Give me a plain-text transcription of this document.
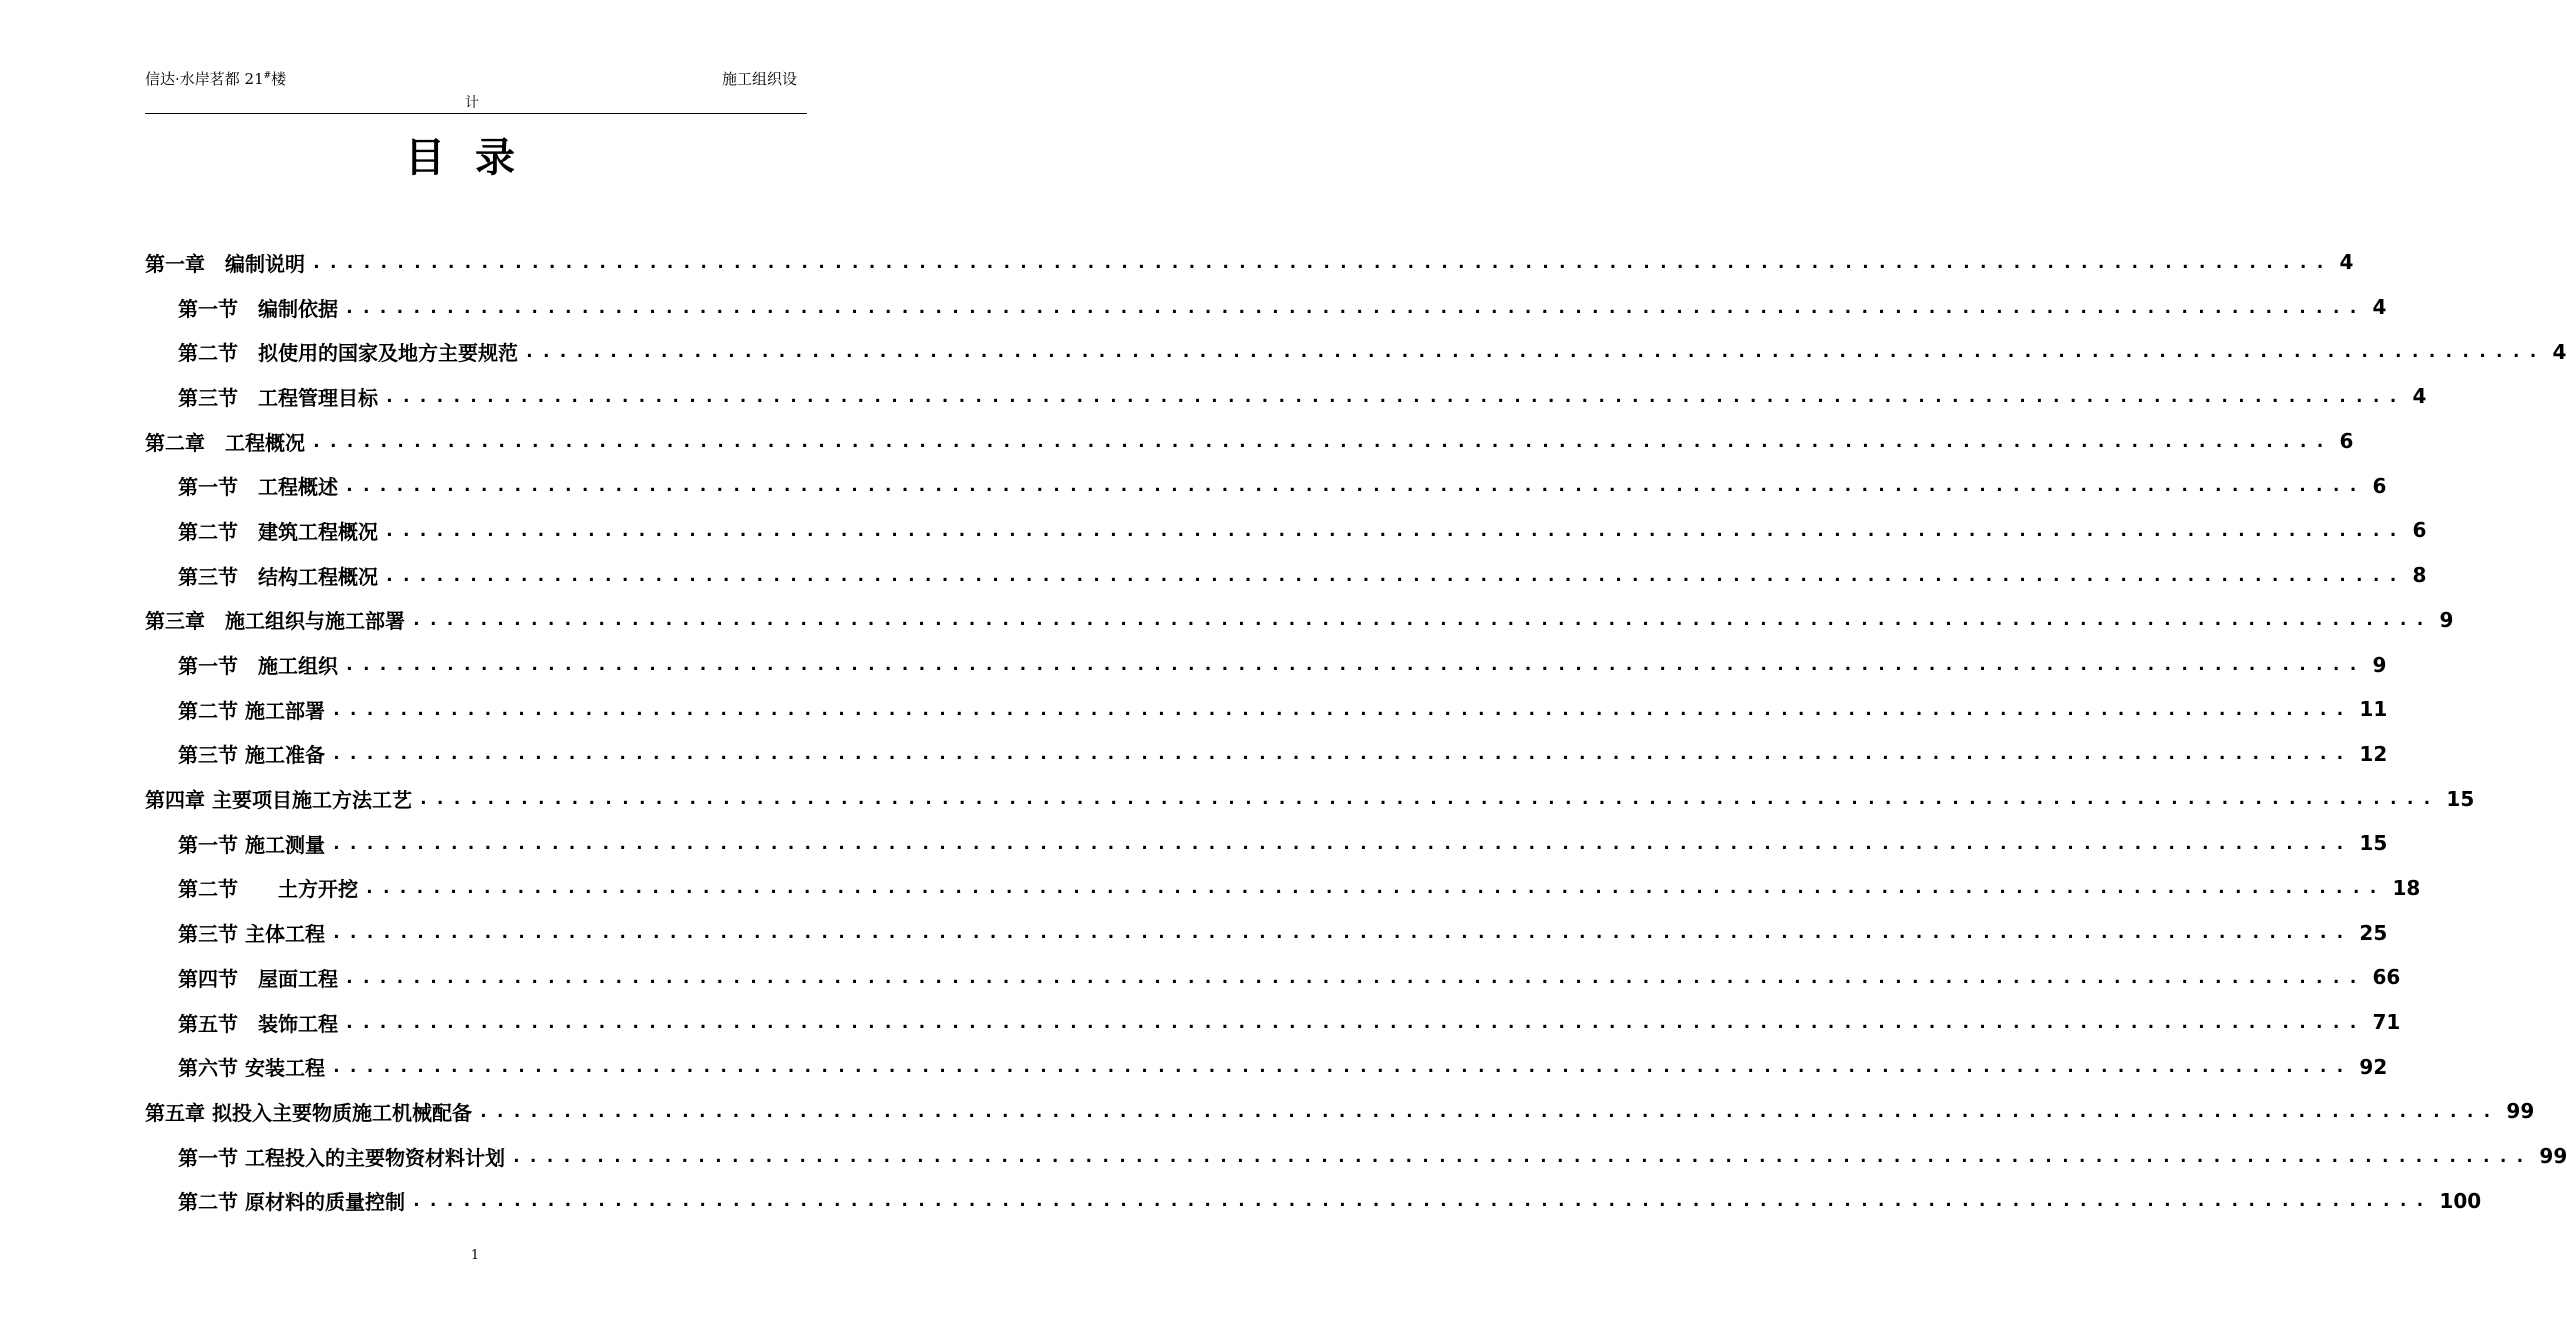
信达·水岸茗都 21#楼	施工组织设
计
目录
第一章　编制说明 ........................................................................................................................ 4
第一节　编制依据 ........................................................................................................................ 4
第二节　拟使用的国家及地方主要规范 ........................................................................................................................ 4
第三节　工程管理目标 ........................................................................................................................ 4
第二章　工程概况 ........................................................................................................................ 6
第一节　工程概述 ........................................................................................................................ 6
第二节　建筑工程概况 ........................................................................................................................ 6
第三节　结构工程概况 ........................................................................................................................ 8
第三章　施工组织与施工部署 ........................................................................................................................ 9
第一节　施工组织 ........................................................................................................................ 9
第二节 施工部署 ........................................................................................................................ 11
第三节 施工准备 ........................................................................................................................ 12
第四章 主要项目施工方法工艺 ........................................................................................................................ 15
第一节 施工测量 ........................................................................................................................ 15
第二节　　土方开挖 ........................................................................................................................ 18
第三节 主体工程 ........................................................................................................................ 25
第四节　屋面工程 ........................................................................................................................ 66
第五节　装饰工程 ........................................................................................................................ 71
第六节 安装工程 ........................................................................................................................ 92
第五章 拟投入主要物质施工机械配备 ........................................................................................................................ 99
第一节 工程投入的主要物资材料计划 ........................................................................................................................ 99
第二节 原材料的质量控制 ........................................................................................................................ 100
1
